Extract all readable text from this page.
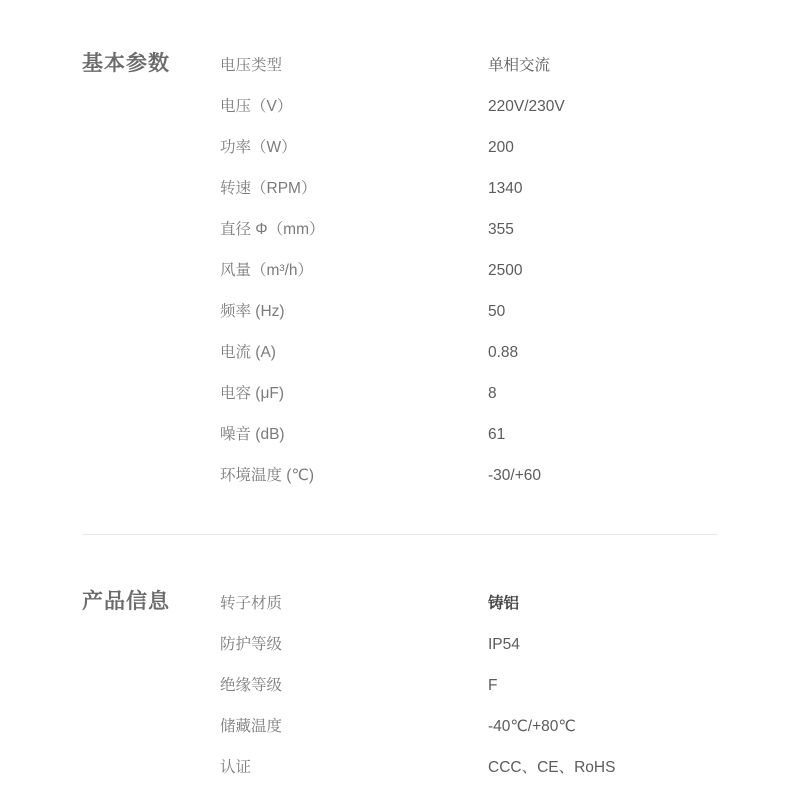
基本参数	电压类型	单相交流
电压（V）	220V/230V
功率（W）	200
转速（RPM）	1340
直径 Φ（mm）	355
风量（m³/h）	2500
频率 (Hz)	50
电流 (A)	0.88
电容 (μF)	8
噪音 (dB)	61
环境温度 (℃)	-30/+60
产品信息	转子材质	铸铝
防护等级	IP54
绝缘等级	F
储藏温度	-40℃/+80℃
认证	CCC、CE、RoHS
